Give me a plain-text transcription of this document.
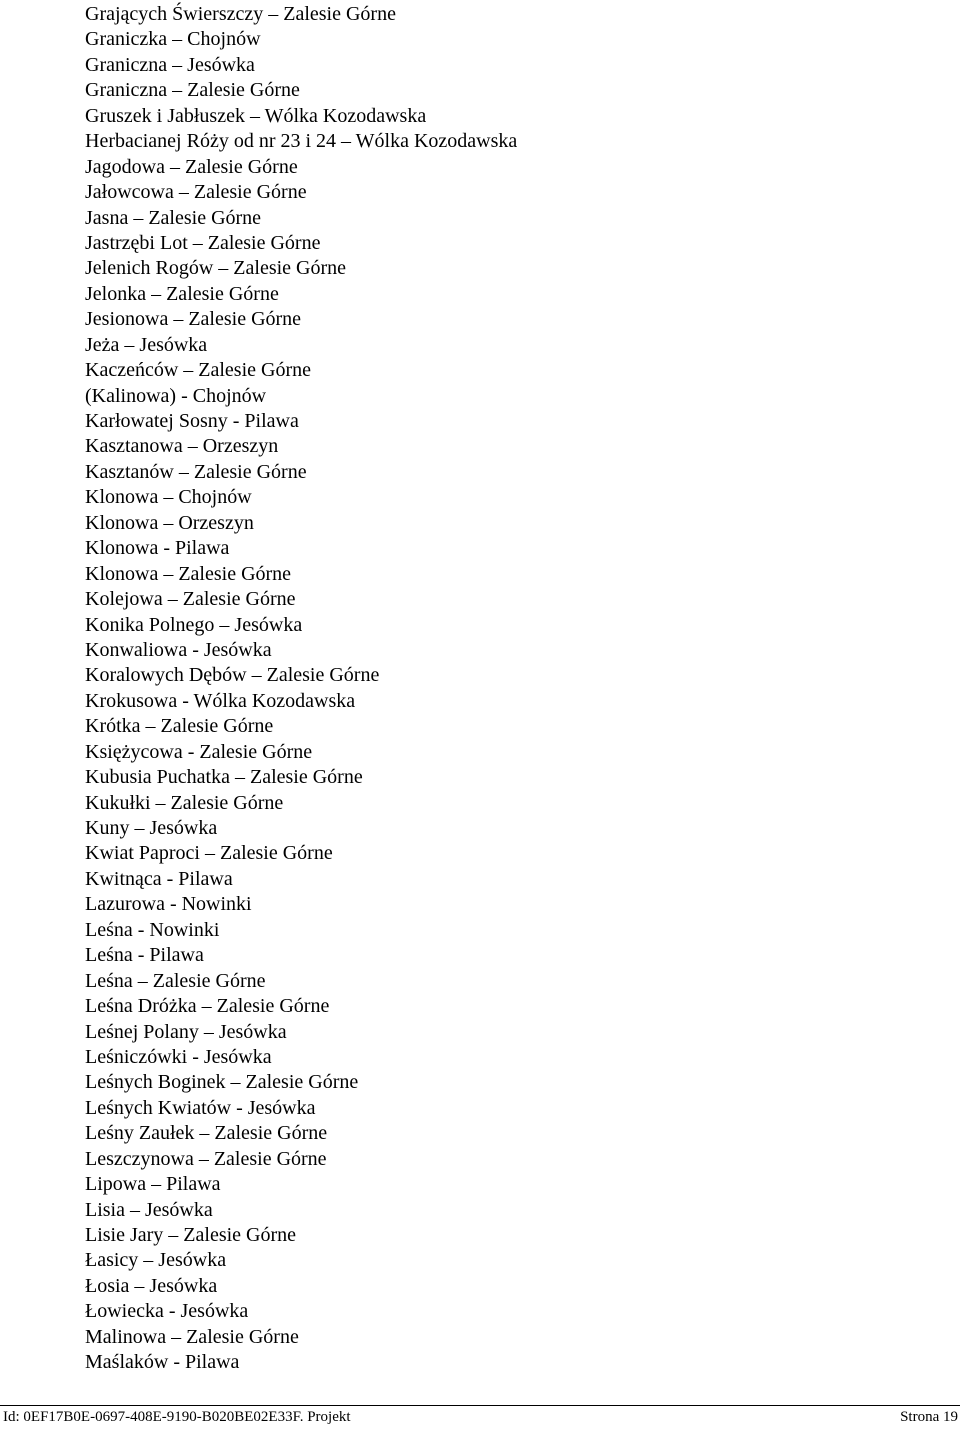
Grających Świerszczy – Zalesie Górne
Graniczka – Chojnów
Graniczna – Jesówka
Graniczna – Zalesie Górne
Gruszek i Jabłuszek – Wólka Kozodawska
Herbacianej Róży od nr 23 i 24 – Wólka Kozodawska
Jagodowa – Zalesie Górne
Jałowcowa – Zalesie Górne
Jasna – Zalesie Górne
Jastrzębi Lot – Zalesie Górne
Jelenich Rogów – Zalesie Górne
Jelonka – Zalesie Górne
Jesionowa – Zalesie Górne
Jeża – Jesówka
Kaczeńców – Zalesie Górne
(Kalinowa) - Chojnów
Karłowatej Sosny - Pilawa
Kasztanowa – Orzeszyn
Kasztanów – Zalesie Górne
Klonowa – Chojnów
Klonowa – Orzeszyn
Klonowa - Pilawa
Klonowa – Zalesie Górne
Kolejowa – Zalesie Górne
Konika Polnego – Jesówka
Konwaliowa - Jesówka
Koralowych Dębów – Zalesie Górne
Krokusowa - Wólka Kozodawska
Krótka – Zalesie Górne
Księżycowa - Zalesie Górne
Kubusia Puchatka – Zalesie Górne
Kukułki – Zalesie Górne
Kuny – Jesówka
Kwiat Paproci – Zalesie Górne
Kwitnąca - Pilawa
Lazurowa - Nowinki
Leśna - Nowinki
Leśna - Pilawa
Leśna – Zalesie Górne
Leśna Dróżka – Zalesie Górne
Leśnej Polany – Jesówka
Leśniczówki - Jesówka
Leśnych Boginek – Zalesie Górne
Leśnych Kwiatów - Jesówka
Leśny Zaułek – Zalesie Górne
Leszczynowa – Zalesie Górne
Lipowa – Pilawa
Lisia – Jesówka
Lisie Jary – Zalesie Górne
Łasicy – Jesówka
Łosia – Jesówka
Łowiecka - Jesówka
Malinowa – Zalesie Górne
Maślaków - Pilawa
Id: 0EF17B0E-0697-408E-9190-B020BE02E33F. Projekt	Strona 19
